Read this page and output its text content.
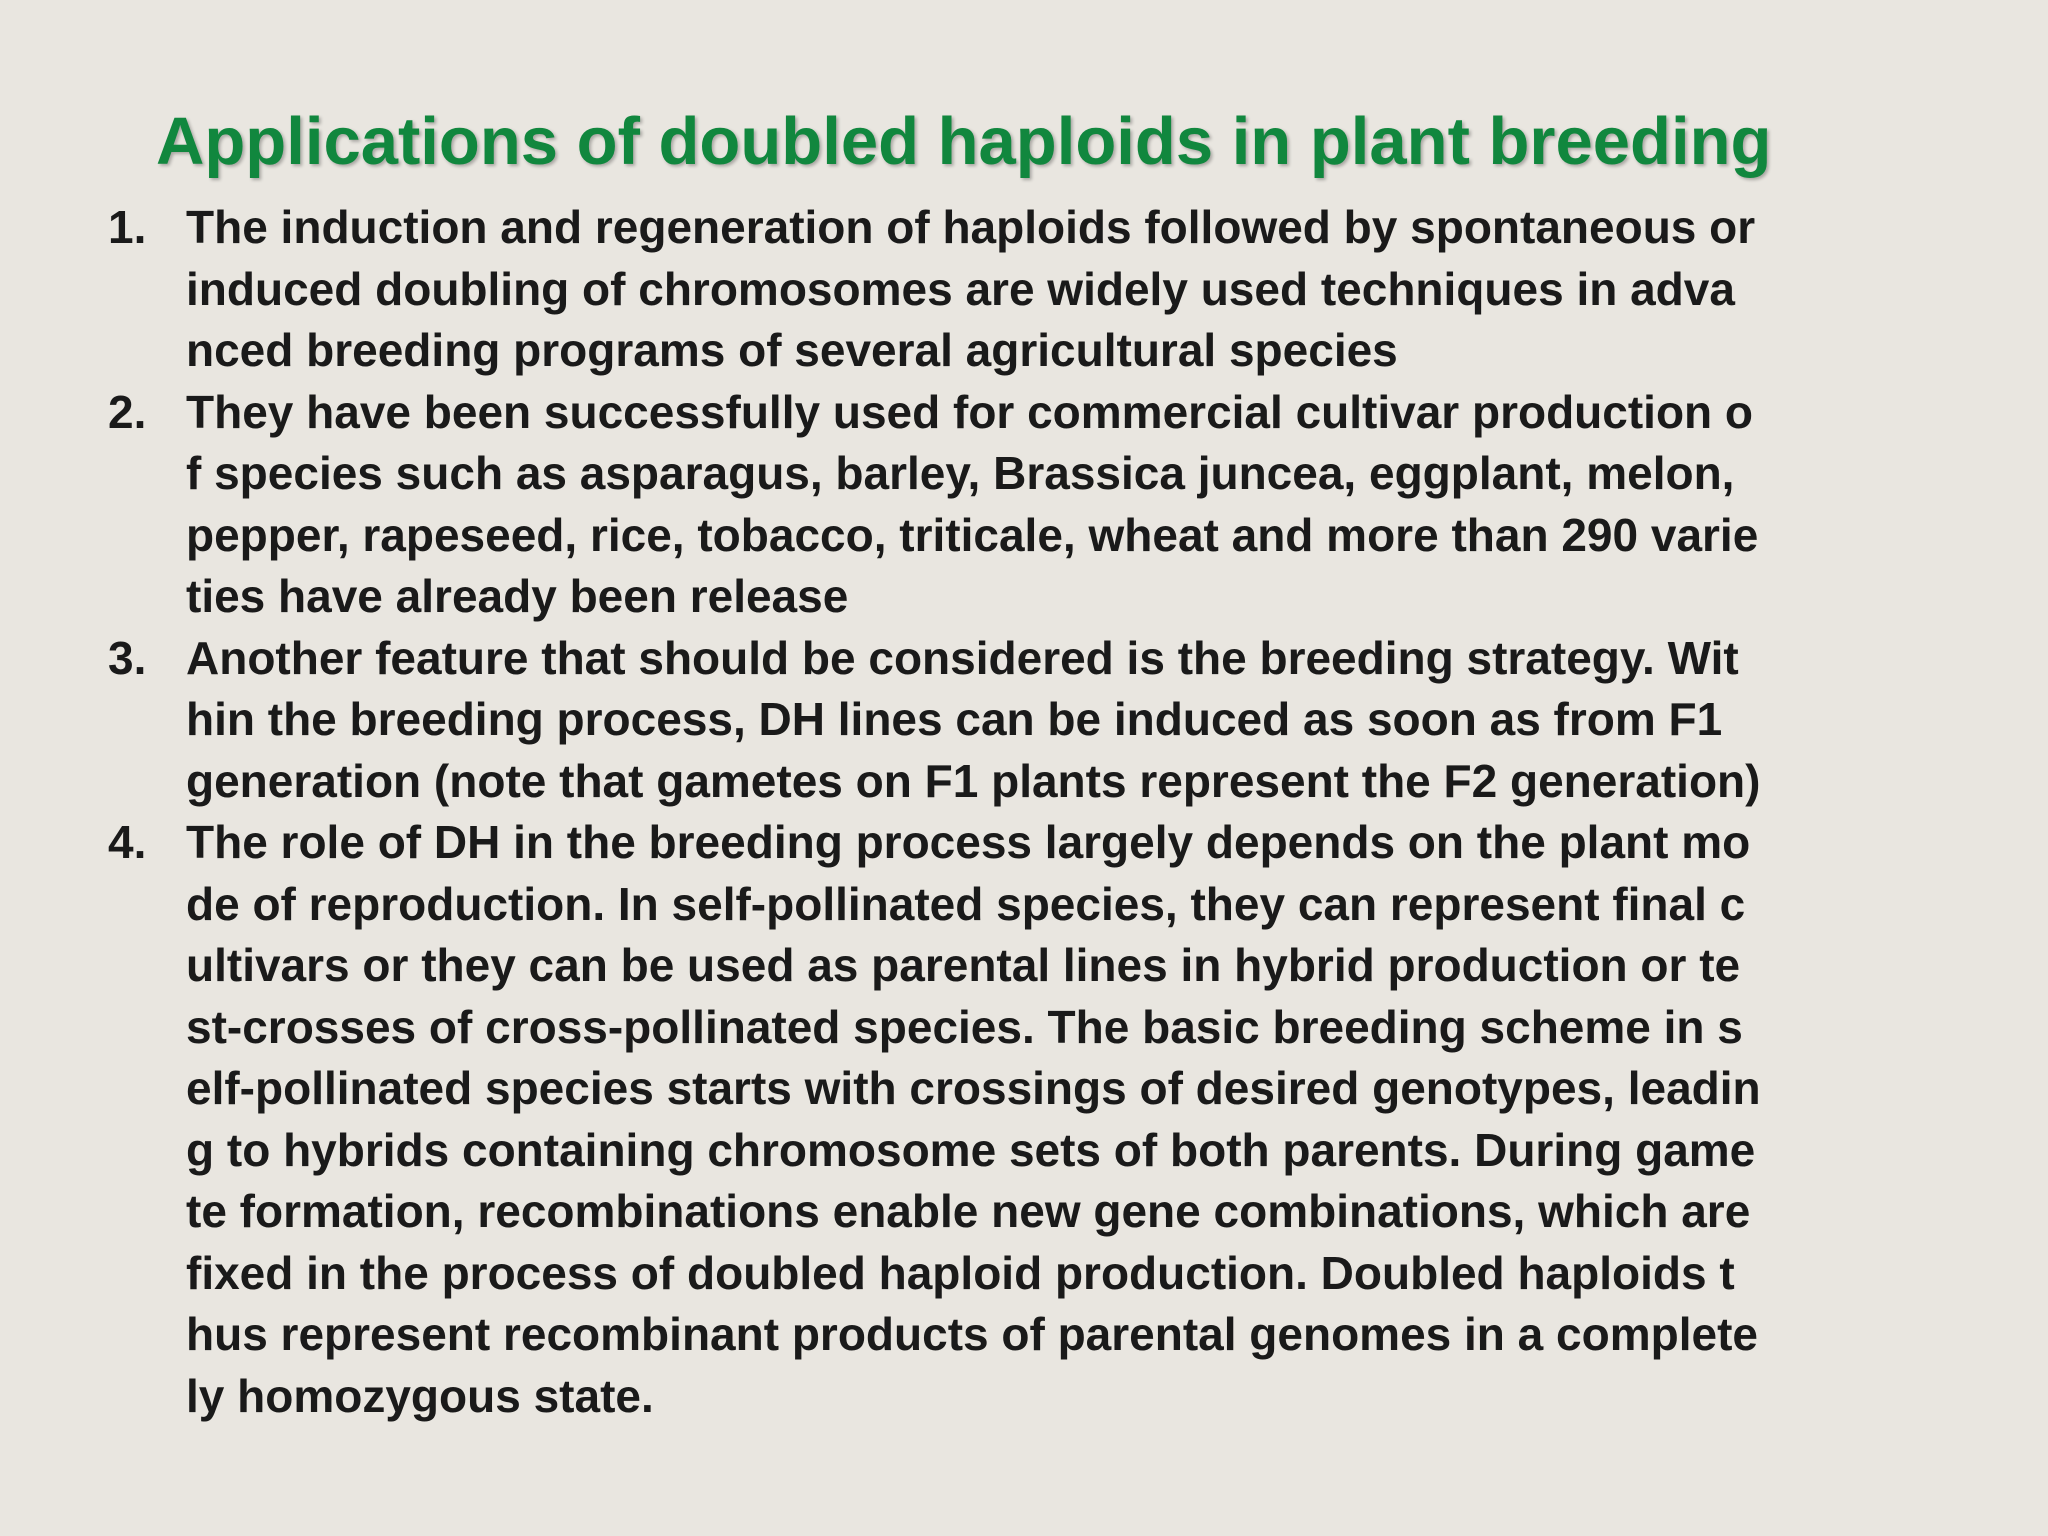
Applications of doubled haploids in plant breeding
1. The induction and regeneration of haploids followed by spontaneous or
induced doubling of chromosomes are widely used techniques in adva
nced breeding programs of several agricultural species
2. They have been successfully used for commercial cultivar production o
f species such as asparagus, barley, Brassica juncea, eggplant, melon,
pepper, rapeseed, rice, tobacco, triticale, wheat and more than 290 varie
ties have already been release
3. Another feature that should be considered is the breeding strategy. Wit
hin the breeding process, DH lines can be induced as soon as from F1
generation (note that gametes on F1 plants represent the F2 generation)
4. The role of DH in the breeding process largely depends on the plant mo
de of reproduction. In self-pollinated species, they can represent final c
ultivars or they can be used as parental lines in hybrid production or te
st-crosses of cross-pollinated species. The basic breeding scheme in s
elf-pollinated species starts with crossings of desired genotypes, leadin
g to hybrids containing chromosome sets of both parents. During game
te formation, recombinations enable new gene combinations, which are
fixed in the process of doubled haploid production. Doubled haploids t
hus represent recombinant products of parental genomes in a complete
ly homozygous state.
